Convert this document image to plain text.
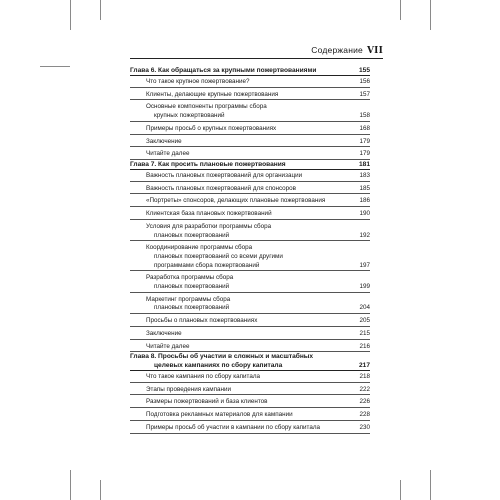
Содержание VII
Глава 6. Как обращаться за крупными пожертвованиями	155
Что такое крупное пожертвование?	156
Клиенты, делающие крупные пожертвования	157
Основные компоненты программы сбора
крупных пожертвований	158
Примеры просьб о крупных пожертвованиях	168
Заключение	179
Читайте далее	179
Глава 7. Как просить плановые пожертвования	181
Важность плановых пожертвований для организации	183
Важность плановых пожертвований для спонсоров	185
«Портреты» спонсоров, делающих плановые пожертвования	186
Клиентская база плановых пожертвований	190
Условия для разработки программы сбора
плановых пожертвований	192
Координирование программы сбора
плановых пожертвований со всеми другими
программами сбора пожертвований	197
Разработка программы сбора
плановых пожертвований	199
Маркетинг программы сбора
плановых пожертвований	204
Просьбы о плановых пожертвованиях	205
Заключение	215
Читайте далее	216
Глава 8. Просьбы об участии в сложных и масштабных
целевых кампаниях по сбору капитала	217
Что такое кампания по сбору капитала	218
Этапы проведения кампании	222
Размеры пожертвований и база клиентов	226
Подготовка рекламных материалов для кампании	228
Примеры просьб об участии в кампании по сбору капитала	230
